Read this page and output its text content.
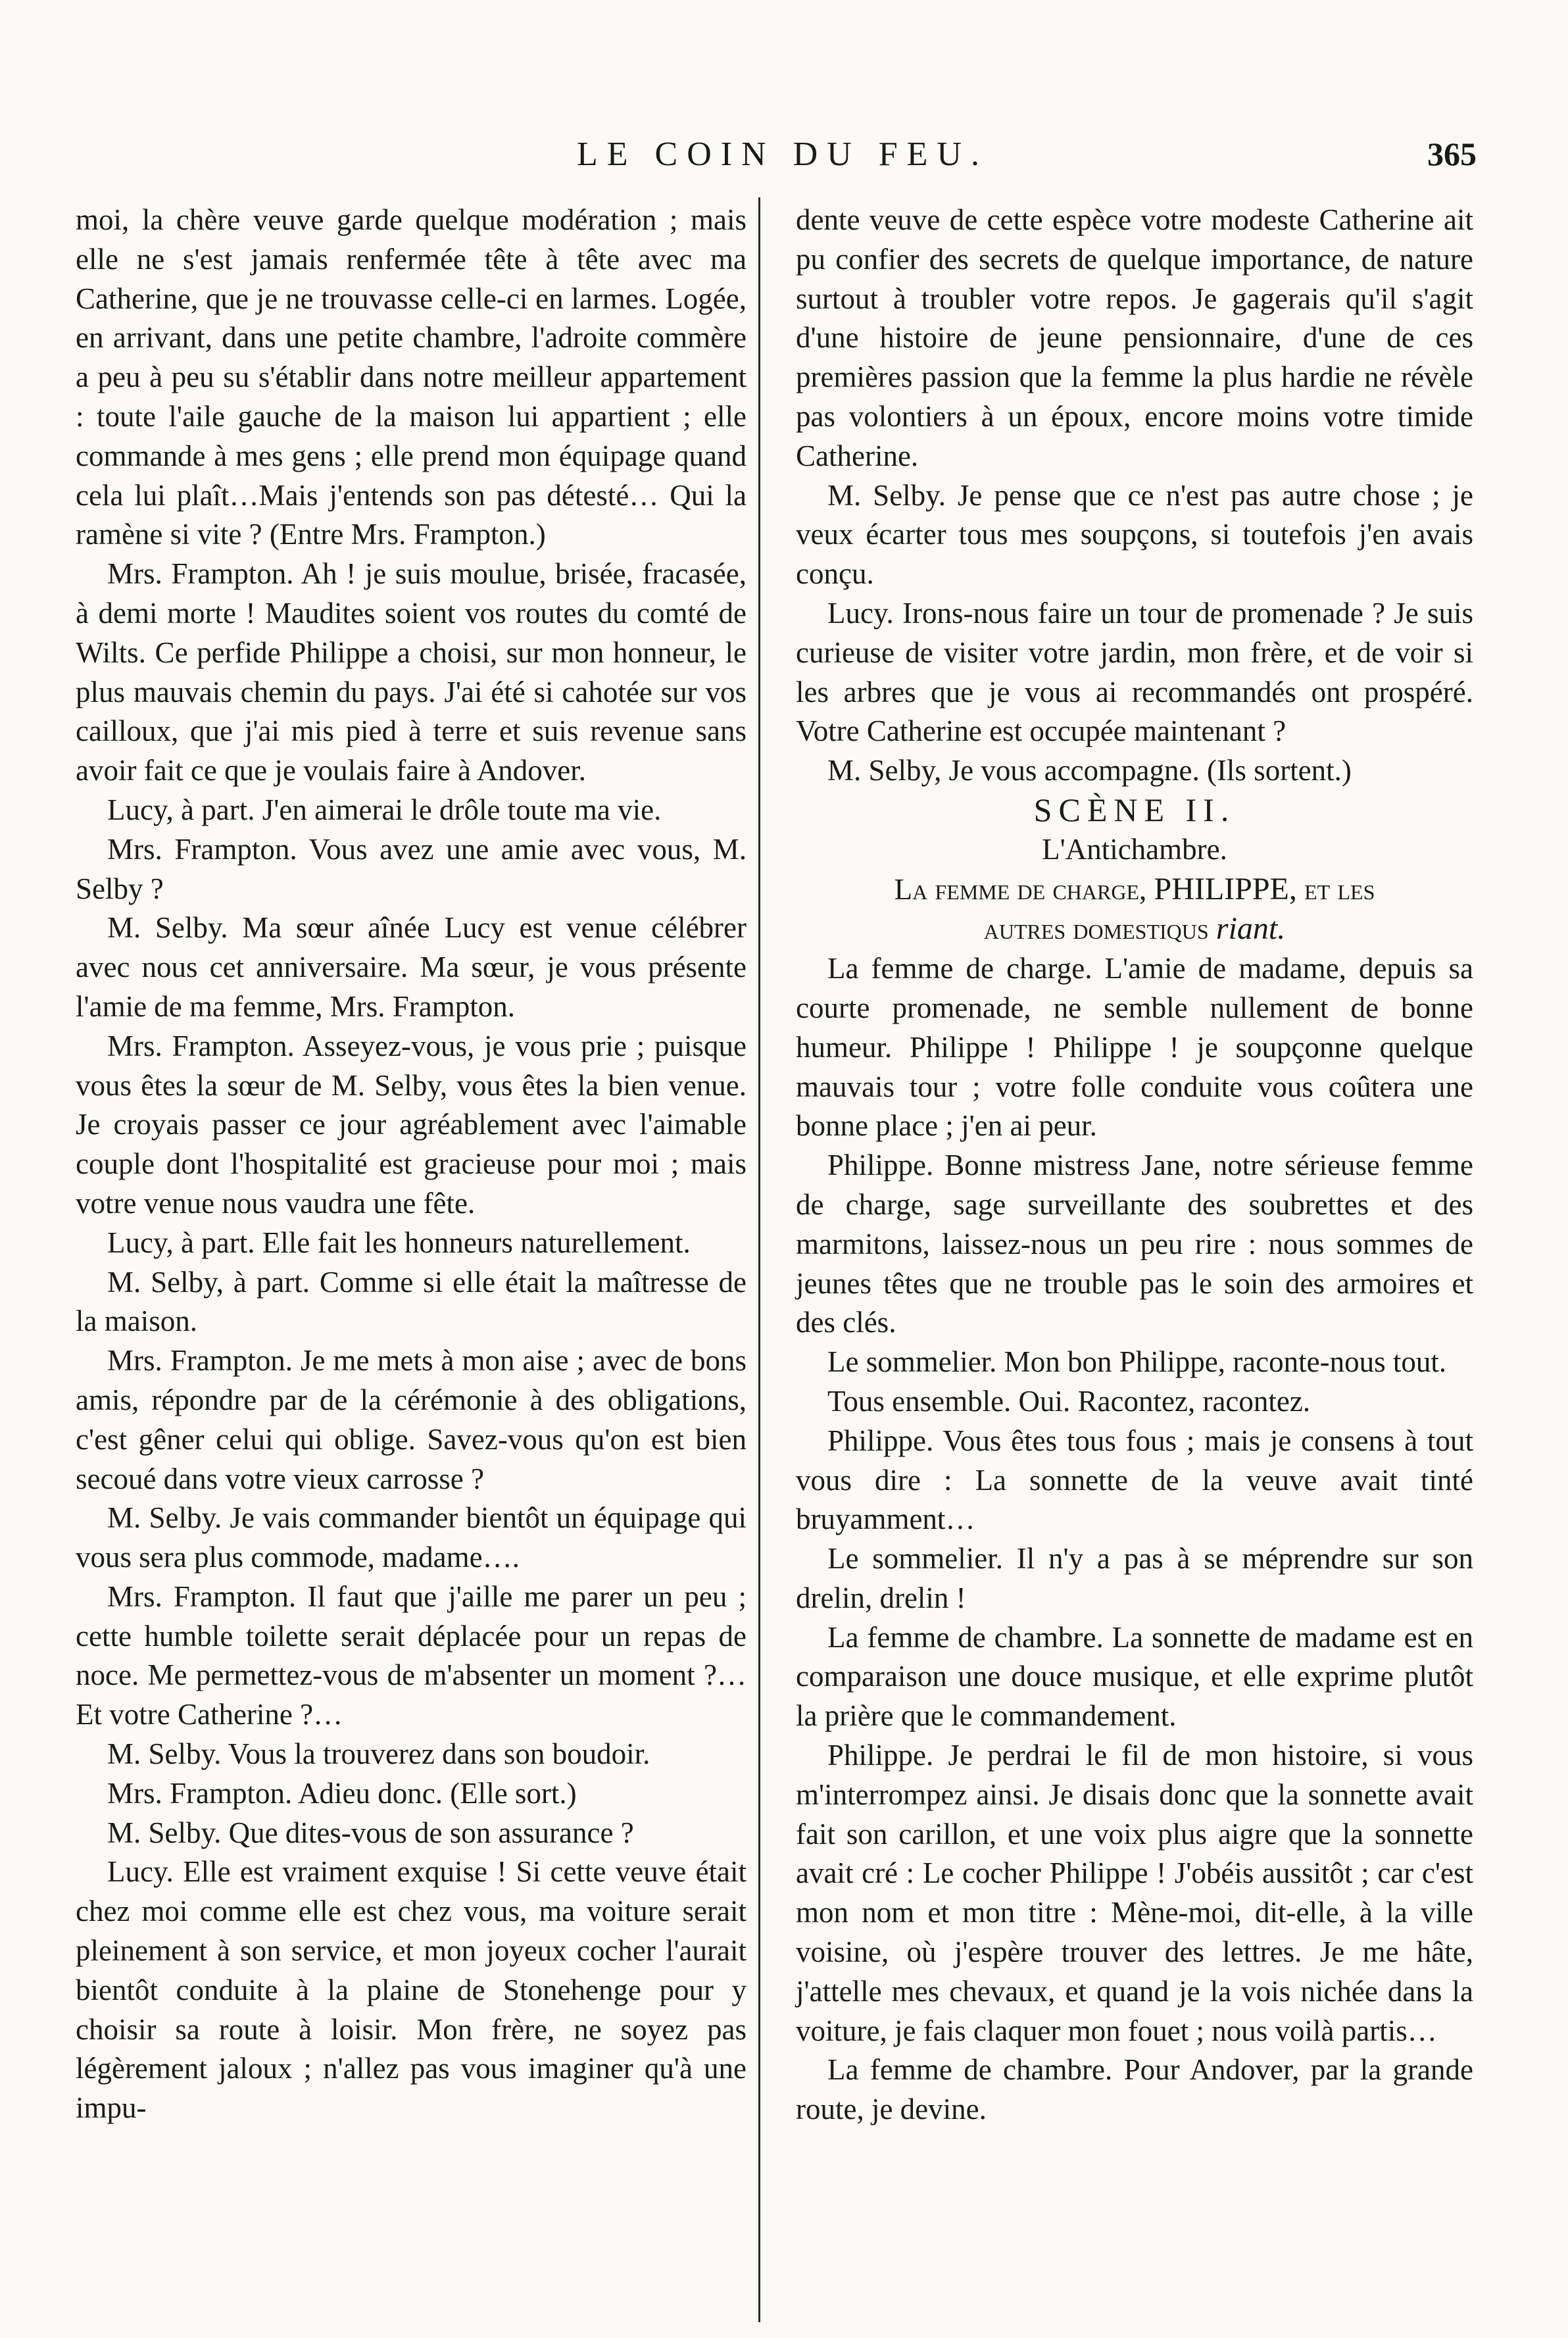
LE COIN DU FEU.	365

moi, la chère veuve garde quelque modération ; mais elle ne s'est jamais renfermée tête à tête avec ma Catherine, que je ne trouvasse celle-ci en larmes. Logée, en arrivant, dans une petite chambre, l'adroite commère a peu à peu su s'établir dans notre meilleur appartement : toute l'aile gauche de la maison lui appartient ; elle commande à mes gens ; elle prend mon équipage quand cela lui plaît…Mais j'entends son pas détesté… Qui la ramène si vite ? (Entre Mrs. Frampton.)

Mrs. Frampton. Ah ! je suis moulue, brisée, fracasée, à demi morte ! Maudites soient vos routes du comté de Wilts. Ce perfide Philippe a choisi, sur mon honneur, le plus mauvais chemin du pays. J'ai été si cahotée sur vos cailloux, que j'ai mis pied à terre et suis revenue sans avoir fait ce que je voulais faire à Andover.

Lucy, à part. J'en aimerai le drôle toute ma vie.

Mrs. Frampton. Vous avez une amie avec vous, M. Selby ?

M. Selby. Ma sœur aînée Lucy est venue célébrer avec nous cet anniversaire. Ma sœur, je vous présente l'amie de ma femme, Mrs. Frampton.

Mrs. Frampton. Asseyez-vous, je vous prie ; puisque vous êtes la sœur de M. Selby, vous êtes la bien venue. Je croyais passer ce jour agréablement avec l'aimable couple dont l'hospitalité est gracieuse pour moi ; mais votre venue nous vaudra une fête.

Lucy, à part. Elle fait les honneurs naturellement.

M. Selby, à part. Comme si elle était la maîtresse de la maison.

Mrs. Frampton. Je me mets à mon aise ; avec de bons amis, répondre par de la cérémonie à des obligations, c'est gêner celui qui oblige. Savez-vous qu'on est bien secoué dans votre vieux carrosse ?

M. Selby. Je vais commander bientôt un équipage qui vous sera plus commode, madame….

Mrs. Frampton. Il faut que j'aille me parer un peu ; cette humble toilette serait déplacée pour un repas de noce. Me permettez-vous de m'absenter un moment ?… Et votre Catherine ?…

M. Selby. Vous la trouverez dans son boudoir.

Mrs. Frampton. Adieu donc. (Elle sort.)

M. Selby. Que dites-vous de son assurance ?

Lucy. Elle est vraiment exquise ! Si cette veuve était chez moi comme elle est chez vous, ma voiture serait pleinement à son service, et mon joyeux cocher l'aurait bientôt conduite à la plaine de Stonehenge pour y choisir sa route à loisir. Mon frère, ne soyez pas légèrement jaloux ; n'allez pas vous imaginer qu'à une impu-

dente veuve de cette espèce votre modeste Catherine ait pu confier des secrets de quelque importance, de nature surtout à troubler votre repos. Je gagerais qu'il s'agit d'une histoire de jeune pensionnaire, d'une de ces premières passion que la femme la plus hardie ne révèle pas volontiers à un époux, encore moins votre timide Catherine.

M. Selby. Je pense que ce n'est pas autre chose ; je veux écarter tous mes soupçons, si toutefois j'en avais conçu.

Lucy. Irons-nous faire un tour de promenade ? Je suis curieuse de visiter votre jardin, mon frère, et de voir si les arbres que je vous ai recommandés ont prospéré. Votre Catherine est occupée maintenant ?

M. Selby, Je vous accompagne. (Ils sortent.)

SCÈNE II.

L'Antichambre.

La femme de charge, PHILIPPE, et les
autres domestiqus riant.

La femme de charge. L'amie de madame, depuis sa courte promenade, ne semble nullement de bonne humeur. Philippe ! Philippe ! je soupçonne quelque mauvais tour ; votre folle conduite vous coûtera une bonne place ; j'en ai peur.

Philippe. Bonne mistress Jane, notre sérieuse femme de charge, sage surveillante des soubrettes et des marmitons, laissez-nous un peu rire : nous sommes de jeunes têtes que ne trouble pas le soin des armoires et des clés.

Le sommelier. Mon bon Philippe, raconte-nous tout.

Tous ensemble. Oui. Racontez, racontez.

Philippe. Vous êtes tous fous ; mais je consens à tout vous dire : La sonnette de la veuve avait tinté bruyamment…

Le sommelier. Il n'y a pas à se méprendre sur son drelin, drelin !

La femme de chambre. La sonnette de madame est en comparaison une douce musique, et elle exprime plutôt la prière que le commandement.

Philippe. Je perdrai le fil de mon histoire, si vous m'interrompez ainsi. Je disais donc que la sonnette avait fait son carillon, et une voix plus aigre que la sonnette avait cré : Le cocher Philippe ! J'obéis aussitôt ; car c'est mon nom et mon titre : Mène-moi, dit-elle, à la ville voisine, où j'espère trouver des lettres. Je me hâte, j'attelle mes chevaux, et quand je la vois nichée dans la voiture, je fais claquer mon fouet ; nous voilà partis…

La femme de chambre. Pour Andover, par la grande route, je devine.
